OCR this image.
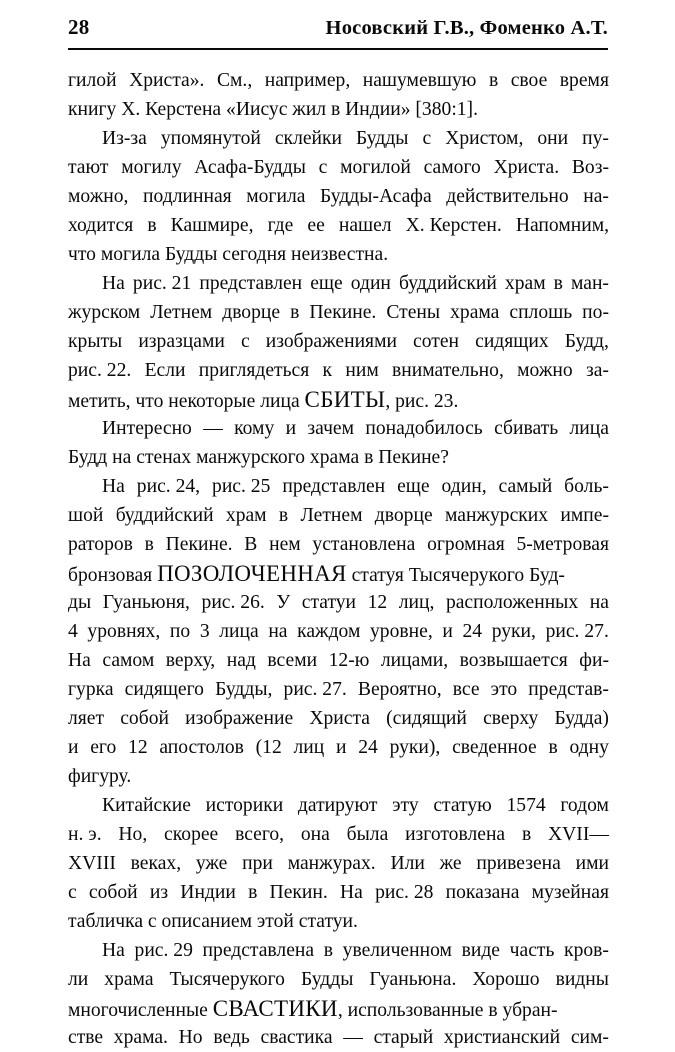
28	Носовский Г.В., Фоменко А.Т.
гилой Христа». См., например, нашумевшую в свое время
книгу Х. Керстена «Иисус жил в Индии» [380:1].
Из-за упомянутой склейки Будды с Христом, они пу-
тают могилу Асафа-Будды с могилой самого Христа. Воз-
можно, подлинная могила Будды-Асафа действительно на-
ходится в Кашмире, где ее нашел Х. Керстен. Напомним,
что могила Будды сегодня неизвестна.
На рис. 21 представлен еще один буддийский храм в ман-
журском Летнем дворце в Пекине. Стены храма сплошь по-
крыты изразцами с изображениями сотен сидящих Будд,
рис. 22. Если приглядеться к ним внимательно, можно за-
метить, что некоторые лица СБИТЫ, рис. 23.
Интересно — кому и зачем понадобилось сбивать лица
Будд на стенах манжурского храма в Пекине?
На рис. 24, рис. 25 представлен еще один, самый боль-
шой буддийский храм в Летнем дворце манжурских импе-
раторов в Пекине. В нем установлена огромная 5-метровая
бронзовая ПОЗОЛОЧЕННАЯ статуя Тысячерукого Буд-
ды Гуаньюня, рис. 26. У статуи 12 лиц, расположенных на
4 уровнях, по 3 лица на каждом уровне, и 24 руки, рис. 27.
На самом верху, над всеми 12-ю лицами, возвышается фи-
гурка сидящего Будды, рис. 27. Вероятно, все это представ-
ляет собой изображение Христа (сидящий сверху Будда)
и его 12 апостолов (12 лиц и 24 руки), сведенное в одну
фигуру.
Китайские историки датируют эту статую 1574 годом
н. э. Но, скорее всего, она была изготовлена в XVII—
XVIII веках, уже при манжурах. Или же привезена ими
с собой из Индии в Пекин. На рис. 28 показана музейная
табличка с описанием этой статуи.
На рис. 29 представлена в увеличенном виде часть кров-
ли храма Тысячерукого Будды Гуаньюна. Хорошо видны
многочисленные СВАСТИКИ, использованные в убран-
стве храма. Но ведь свастика — старый христианский сим-
